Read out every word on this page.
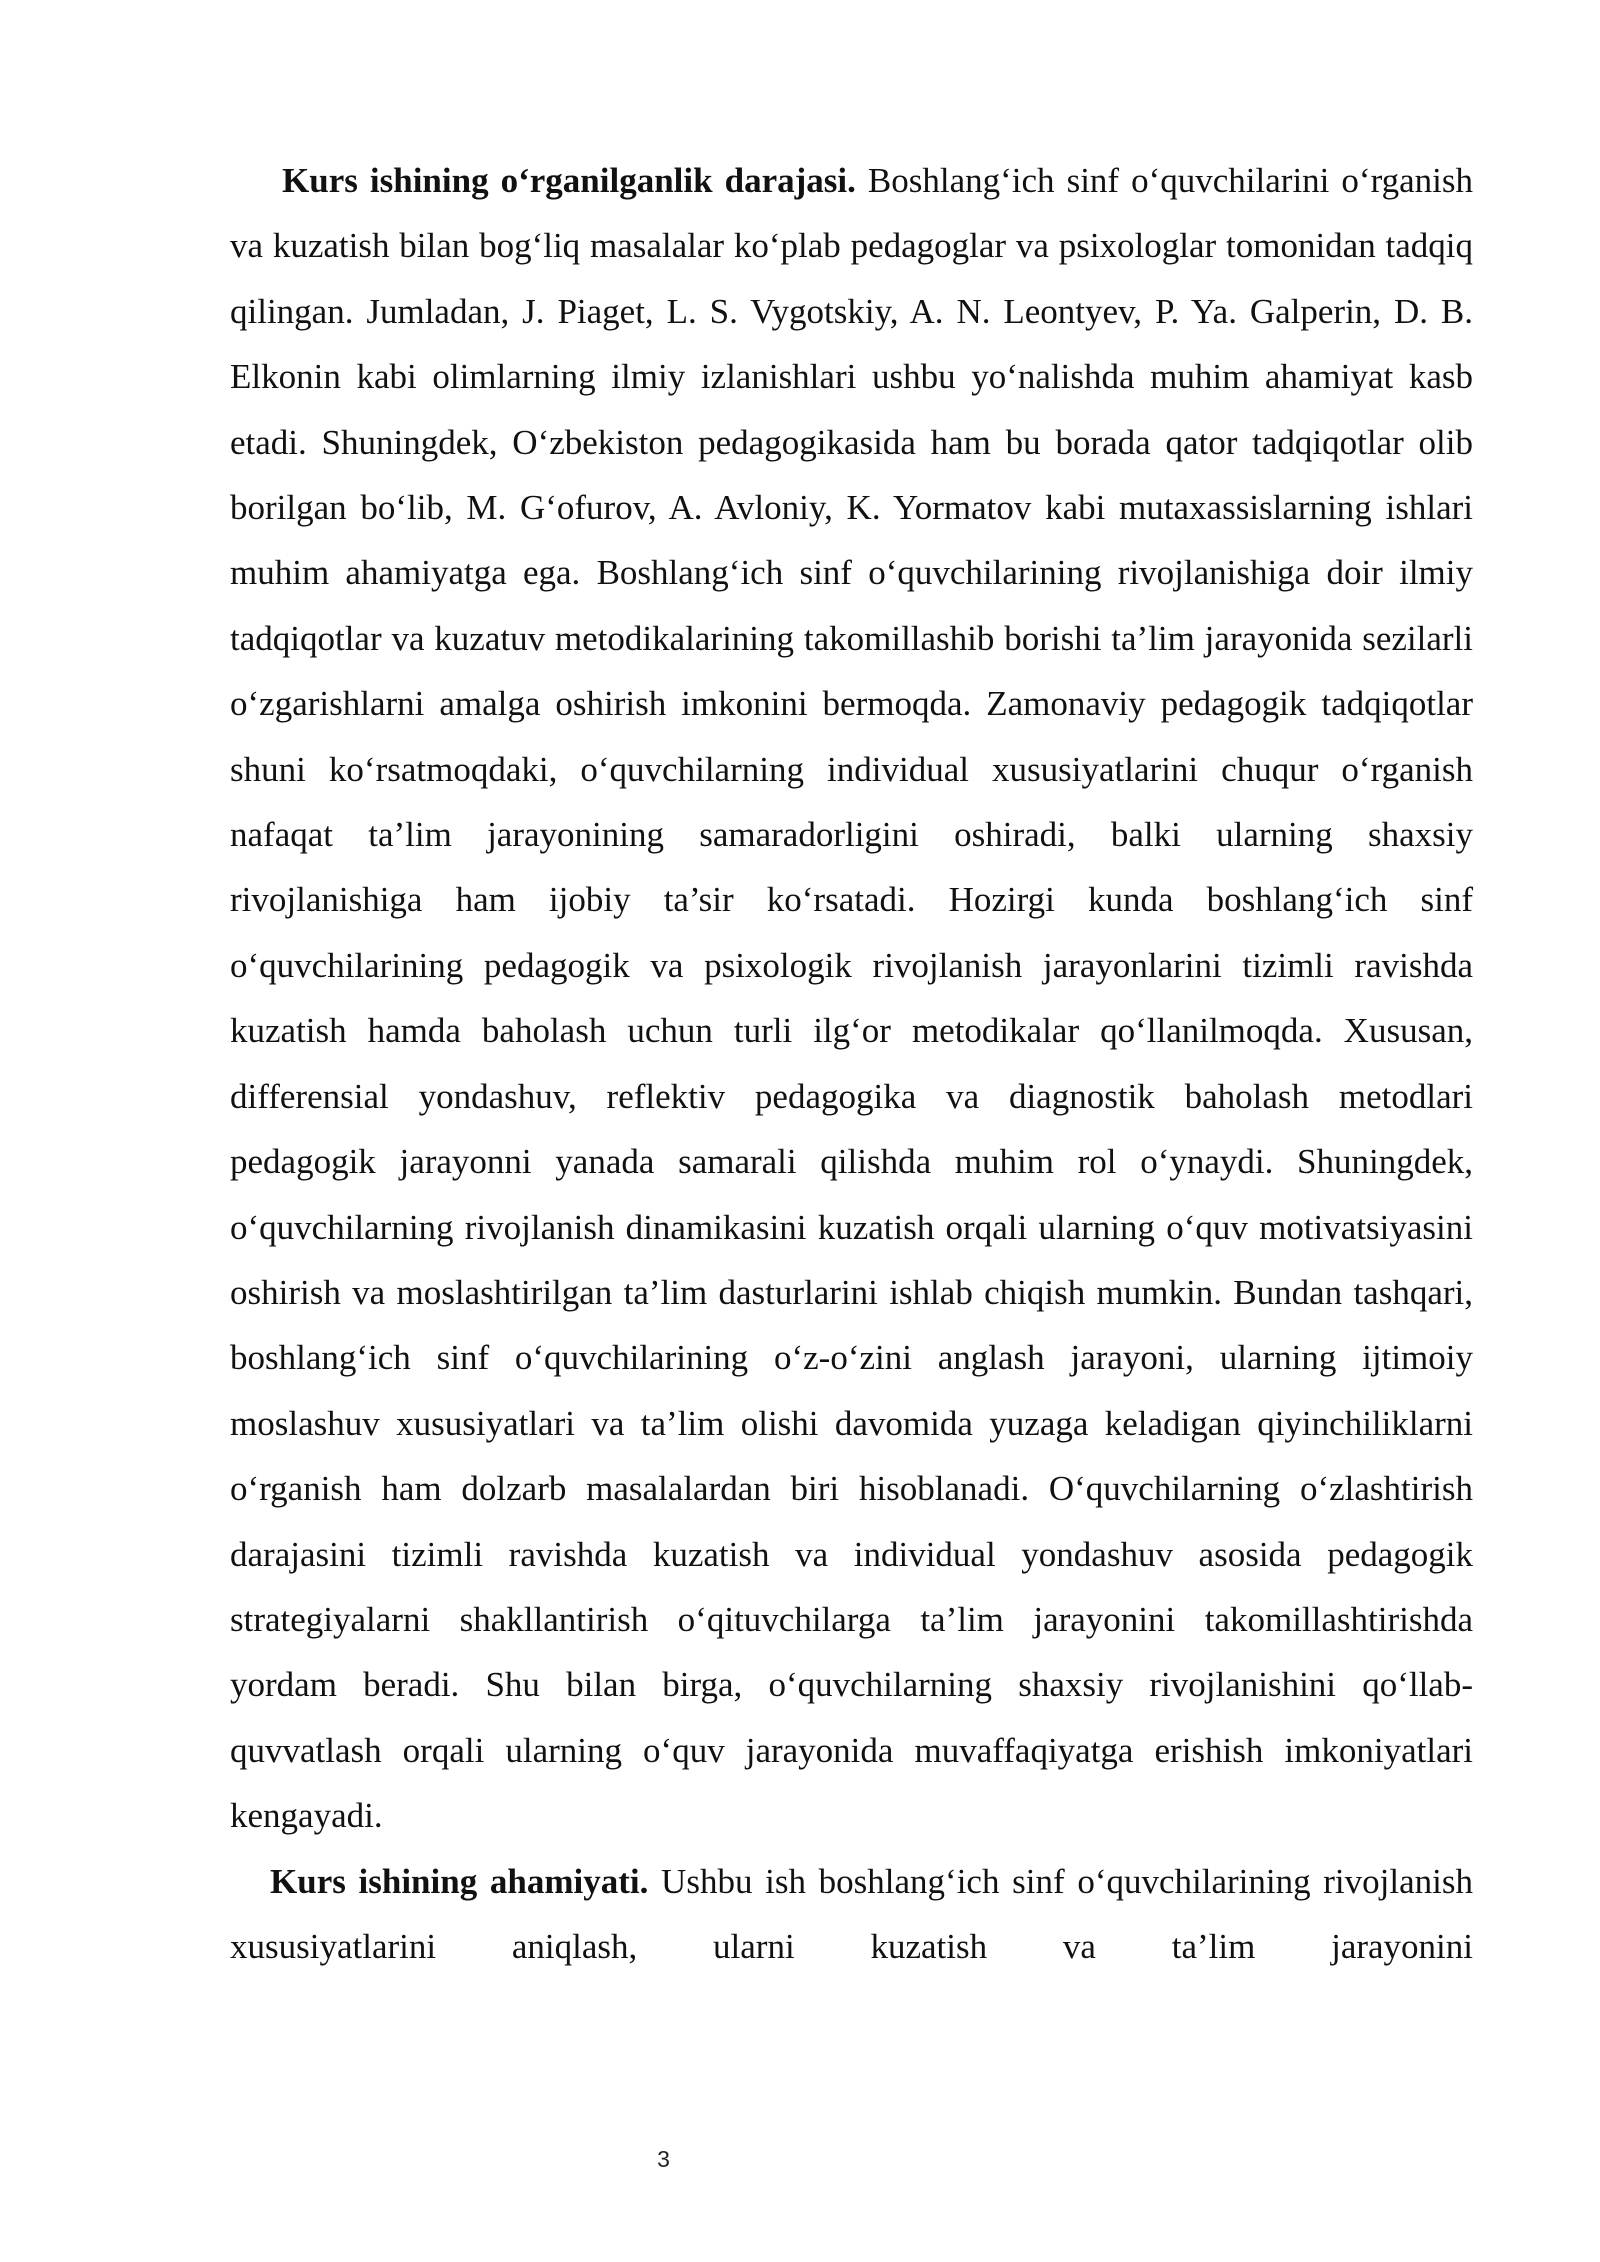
Kurs ishining o‘rganilganlik darajasi. Boshlang‘ich sinf o‘quvchilarini o‘rganish va kuzatish bilan bog‘liq masalalar ko‘plab pedagoglar va psixologlar tomonidan tadqiq qilingan. Jumladan, J. Piaget, L. S. Vygotskiy, A. N. Leontyev, P. Ya. Galperin, D. B. Elkonin kabi olimlarning ilmiy izlanishlari ushbu yo‘nalishda muhim ahamiyat kasb etadi. Shuningdek, O‘zbekiston pedagogikasida ham bu borada qator tadqiqotlar olib borilgan bo‘lib, M. G‘ofurov, A. Avloniy, K. Yormatov kabi mutaxassislarning ishlari muhim ahamiyatga ega. Boshlang‘ich sinf o‘quvchilarining rivojlanishiga doir ilmiy tadqiqotlar va kuzatuv metodikalarining takomillashib borishi ta’lim jarayonida sezilarli o‘zgarishlarni amalga oshirish imkonini bermoqda. Zamonaviy pedagogik tadqiqotlar shuni ko‘rsatmoqdaki, o‘quvchilarning individual xususiyatlarini chuqur o‘rganish nafaqat ta’lim jarayonining samaradorligini oshiradi, balki ularning shaxsiy rivojlanishiga ham ijobiy ta’sir ko‘rsatadi. Hozirgi kunda boshlang‘ich sinf o‘quvchilarining pedagogik va psixologik rivojlanish jarayonlarini tizimli ravishda kuzatish hamda baholash uchun turli ilg‘or metodikalar qo‘llanilmoqda. Xususan, differensial yondashuv, reflektiv pedagogika va diagnostik baholash metodlari pedagogik jarayonni yanada samarali qilishda muhim rol o‘ynaydi. Shuningdek, o‘quvchilarning rivojlanish dinamikasini kuzatish orqali ularning o‘quv motivatsiyasini oshirish va moslashtirilgan ta’lim dasturlarini ishlab chiqish mumkin. Bundan tashqari, boshlang‘ich sinf o‘quvchilarining o‘z-o‘zini anglash jarayoni, ularning ijtimoiy moslashuv xususiyatlari va ta’lim olishi davomida yuzaga keladigan qiyinchiliklarni o‘rganish ham dolzarb masalalardan biri hisoblanadi. O‘quvchilarning o‘zlashtirish darajasini tizimli ravishda kuzatish va individual yondashuv asosida pedagogik strategiyalarni shakllantirish o‘qituvchilarga ta’lim jarayonini takomillashtirishda yordam beradi. Shu bilan birga, o‘quvchilarning shaxsiy rivojlanishini qo‘llab-quvvatlash orqali ularning o‘quv jarayonida muvaffaqiyatga erishish imkoniyatlari kengayadi.

Kurs ishining ahamiyati. Ushbu ish boshlang‘ich sinf o‘quvchilarining rivojlanish xususiyatlarini aniqlash, ularni kuzatish va ta’lim jarayonini

3
